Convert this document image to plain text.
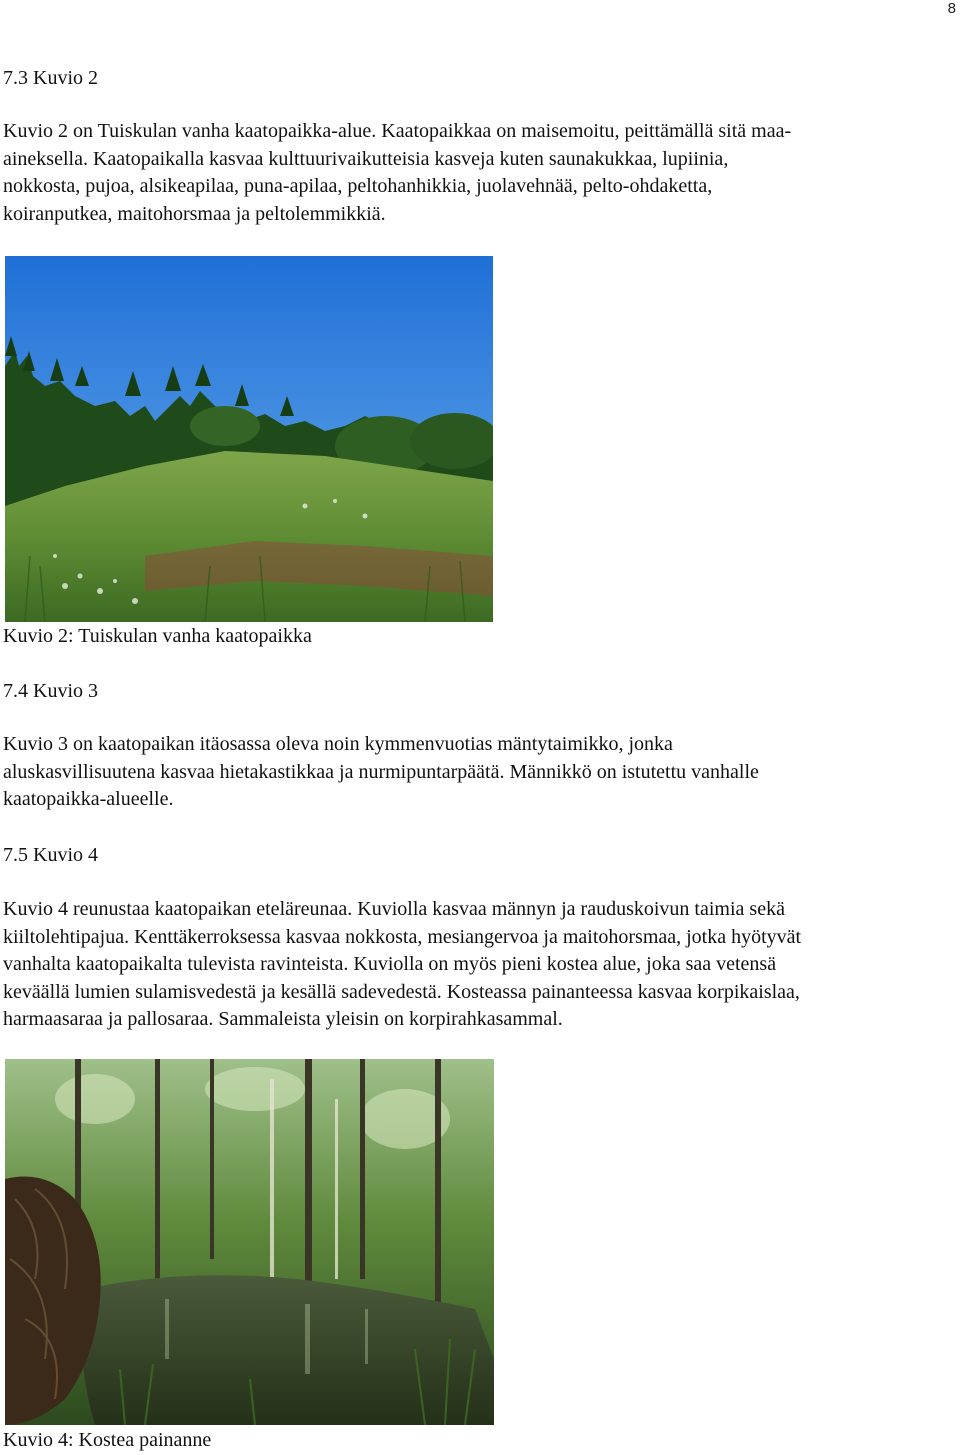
8
7.3 Kuvio 2
Kuvio 2 on Tuiskulan vanha kaatopaikka-alue. Kaatopaikkaa on maisemoitu, peittämällä sitä maa-
aineksella. Kaatopaikalla kasvaa kulttuurivaikutteisia kasveja kuten saunakukkaa, lupiinia,
nokkosta, pujoa, alsikeapilaa, puna-apilaa, peltohanhikkia, juolavehnää, pelto-ohdaketta,
koiranputkea, maitohorsmaa ja peltolemmikkiä.
Kuvio 2: Tuiskulan vanha kaatopaikka
7.4 Kuvio 3
Kuvio 3 on kaatopaikan itäosassa oleva noin kymmenvuotias mäntytaimikko, jonka
aluskasvillisuutena kasvaa hietakastikkaa ja nurmipuntarpäätä. Männikkö on istutettu vanhalle
kaatopaikka-alueelle.
7.5 Kuvio 4
Kuvio 4 reunustaa kaatopaikan eteläreunaa. Kuviolla kasvaa männyn ja rauduskoivun taimia sekä
kiiltolehtipajua. Kenttäkerroksessa kasvaa nokkosta, mesiangervoa ja maitohorsmaa, jotka hyötyvät
vanhalta kaatopaikalta tulevista ravinteista. Kuviolla on myös pieni kostea alue, joka saa vetensä
keväällä lumien sulamisvedestä ja kesällä sadevedestä. Kosteassa painanteessa kasvaa korpikaislaa,
harmaasaraa ja pallosaraa. Sammaleista yleisin on korpirahkasammal.
Kuvio 4: Kostea painanne
